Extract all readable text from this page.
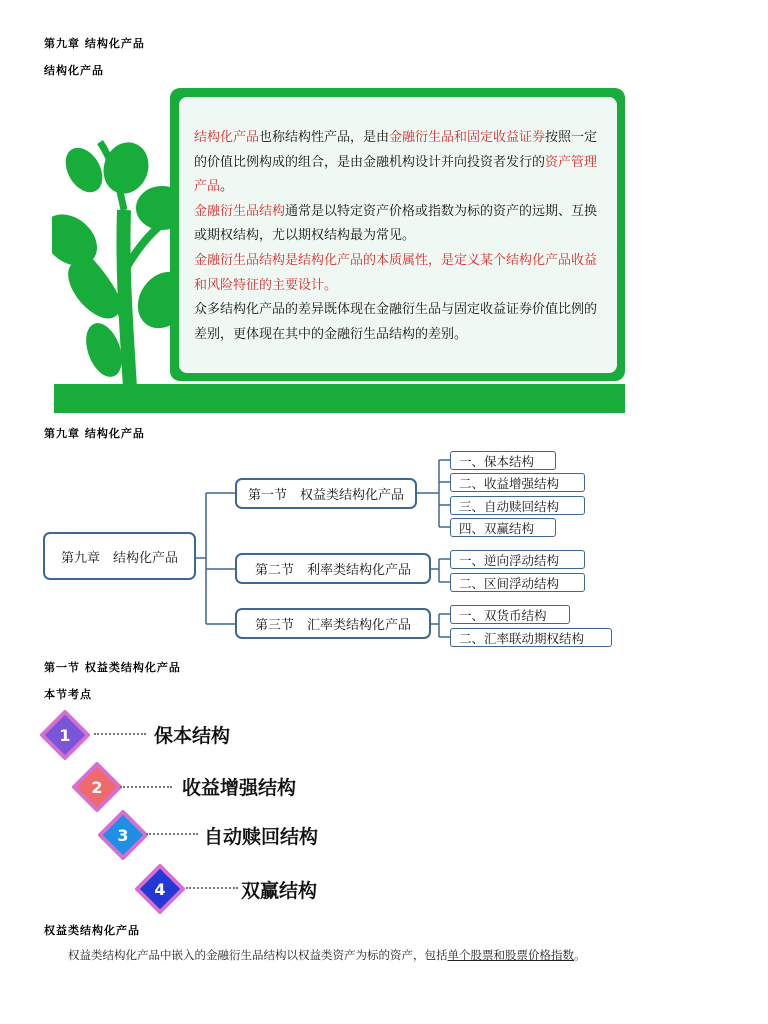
第九章 结构化产品

结构化产品

结构化产品也称结构性产品，是由金融衍生品和固定收益证券按照一定的价值比例构成的组合，是由金融机构设计并向投资者发行的资产管理产品。

金融衍生品结构通常是以特定资产价格或指数为标的资产的远期、互换或期权结构，尤以期权结构最为常见。

金融衍生品结构是结构化产品的本质属性，是定义某个结构化产品收益和风险特征的主要设计。

众多结构化产品的差异既体现在金融衍生品与固定收益证券价值比例的差别，更体现在其中的金融衍生品结构的差别。

第九章 结构化产品

第九章　结构化产品
第一节　权益类结构化产品
第二节　利率类结构化产品
第三节　汇率类结构化产品
一、保本结构
二、收益增强结构
三、自动赎回结构
四、双赢结构
一、逆向浮动结构
二、区间浮动结构
一、双货币结构
二、汇率联动期权结构

第一节 权益类结构化产品

本节考点

1	保本结构
2	收益增强结构
3	自动赎回结构
4	双赢结构

权益类结构化产品

权益类结构化产品中嵌入的金融衍生品结构以权益类资产为标的资产，包括单个股票和股票价格指数。
